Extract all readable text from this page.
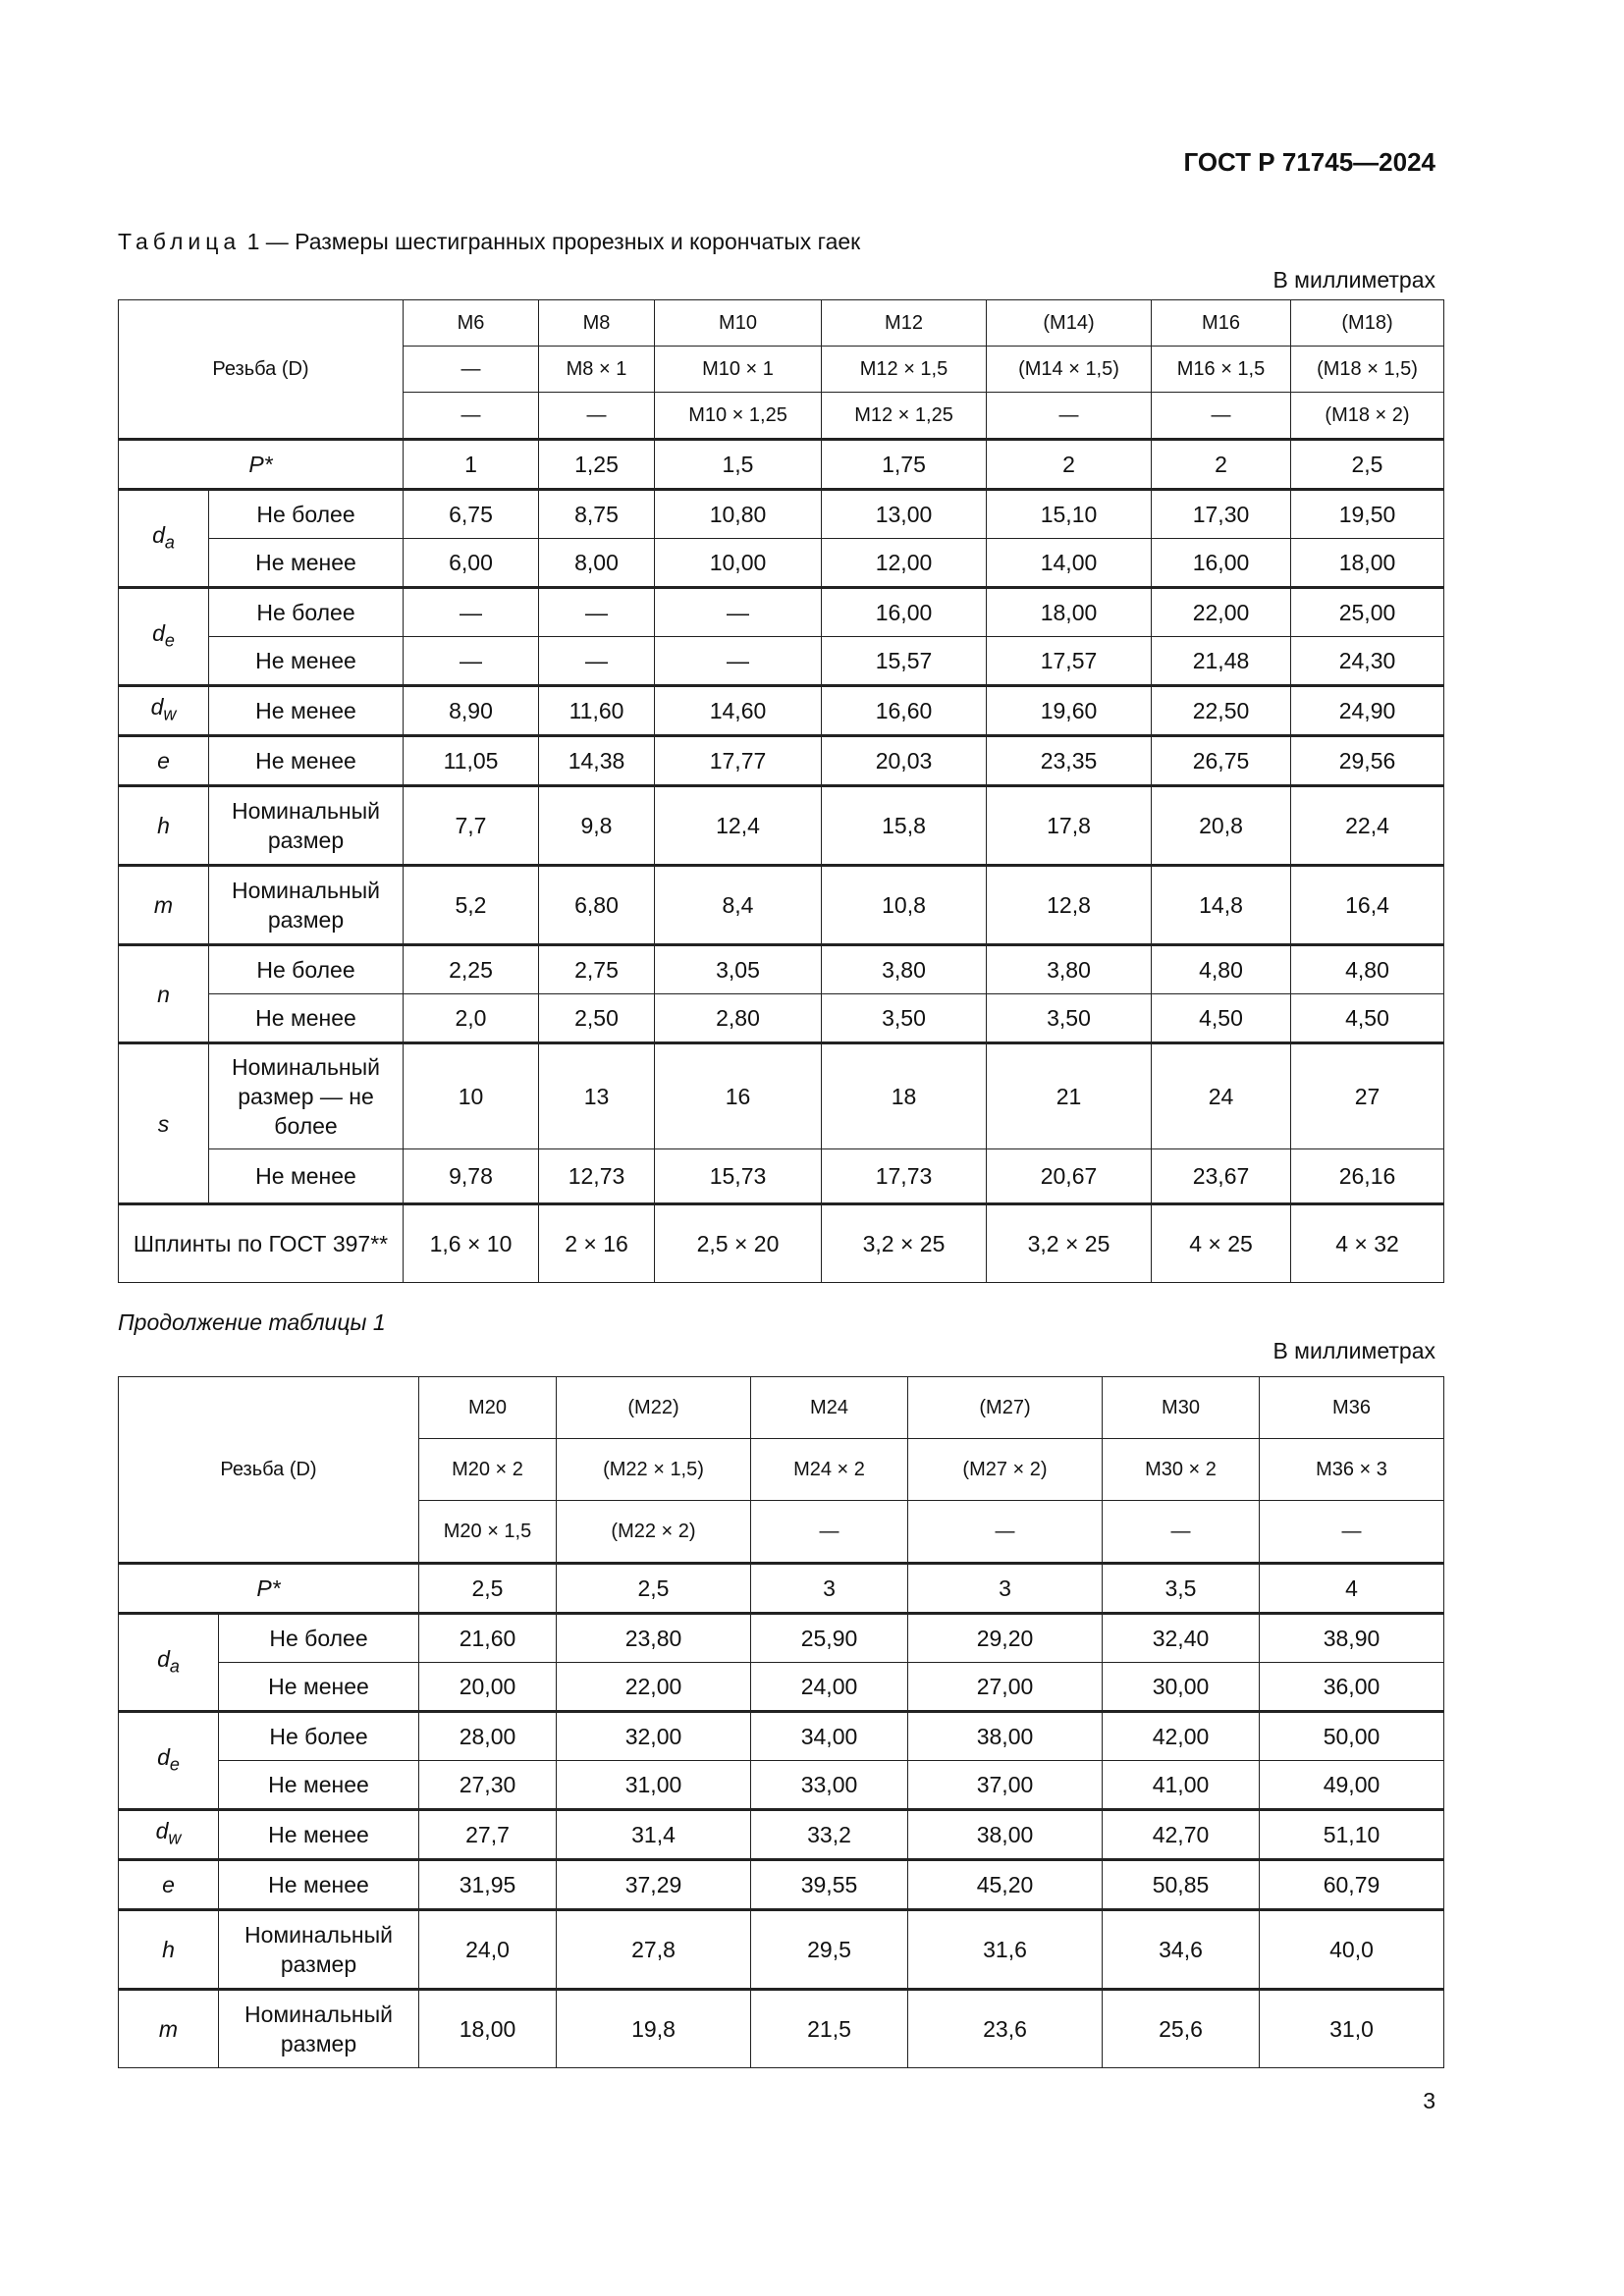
ГОСТ Р 71745—2024
Таблица 1 — Размеры шестигранных прорезных и корончатых гаек
В миллиметрах
Резьба (D)		M6	M8	M10	M12	(M14)	M16	(M18)
		—	M8 × 1	M10 × 1	M12 × 1,5	(M14 × 1,5)	M16 × 1,5	(M18 × 1,5)
		—	—	M10 × 1,25	M12 × 1,25	—	—	(M18 × 2)
P*		1	1,25	1,5	1,75	2	2	2,5
$d_a$	Не более	6,75	8,75	10,80	13,00	15,10	17,30	19,50
	Не менее	6,00	8,00	10,00	12,00	14,00	16,00	18,00
$d_e$	Не более	—	—	—	16,00	18,00	22,00	25,00
	Не менее	—	—	—	15,57	17,57	21,48	24,30
$d_w$	Не менее	8,90	11,60	14,60	16,60	19,60	22,50	24,90
e	Не менее	11,05	14,38	17,77	20,03	23,35	26,75	29,56
h	Номинальный размер	7,7	9,8	12,4	15,8	17,8	20,8	22,4
m	Номинальный размер	5,2	6,80	8,4	10,8	12,8	14,8	16,4
n	Не более	2,25	2,75	3,05	3,80	3,80	4,80	4,80
	Не менее	2,0	2,50	2,80	3,50	3,50	4,50	4,50
s	Номинальный размер — не более	10	13	16	18	21	24	27
	Не менее	9,78	12,73	15,73	17,73	20,67	23,67	26,16
Шплинты по ГОСТ 397**		1,6 × 10	2 × 16	2,5 × 20	3,2 × 25	3,2 × 25	4 × 25	4 × 32
Продолжение таблицы 1
В миллиметрах
Резьба (D)		M20	(M22)	M24	(M27)	M30	M36
		M20 × 2	(M22 × 1,5)	M24 × 2	(M27 × 2)	M30 × 2	M36 × 3
		M20 × 1,5	(M22 × 2)	—	—	—	—
P*		2,5	2,5	3	3	3,5	4
$d_a$	Не более	21,60	23,80	25,90	29,20	32,40	38,90
	Не менее	20,00	22,00	24,00	27,00	30,00	36,00
$d_e$	Не более	28,00	32,00	34,00	38,00	42,00	50,00
	Не менее	27,30	31,00	33,00	37,00	41,00	49,00
$d_w$	Не менее	27,7	31,4	33,2	38,00	42,70	51,10
e	Не менее	31,95	37,29	39,55	45,20	50,85	60,79
h	Номинальный размер	24,0	27,8	29,5	31,6	34,6	40,0
m	Номинальный размер	18,00	19,8	21,5	23,6	25,6	31,0
3
